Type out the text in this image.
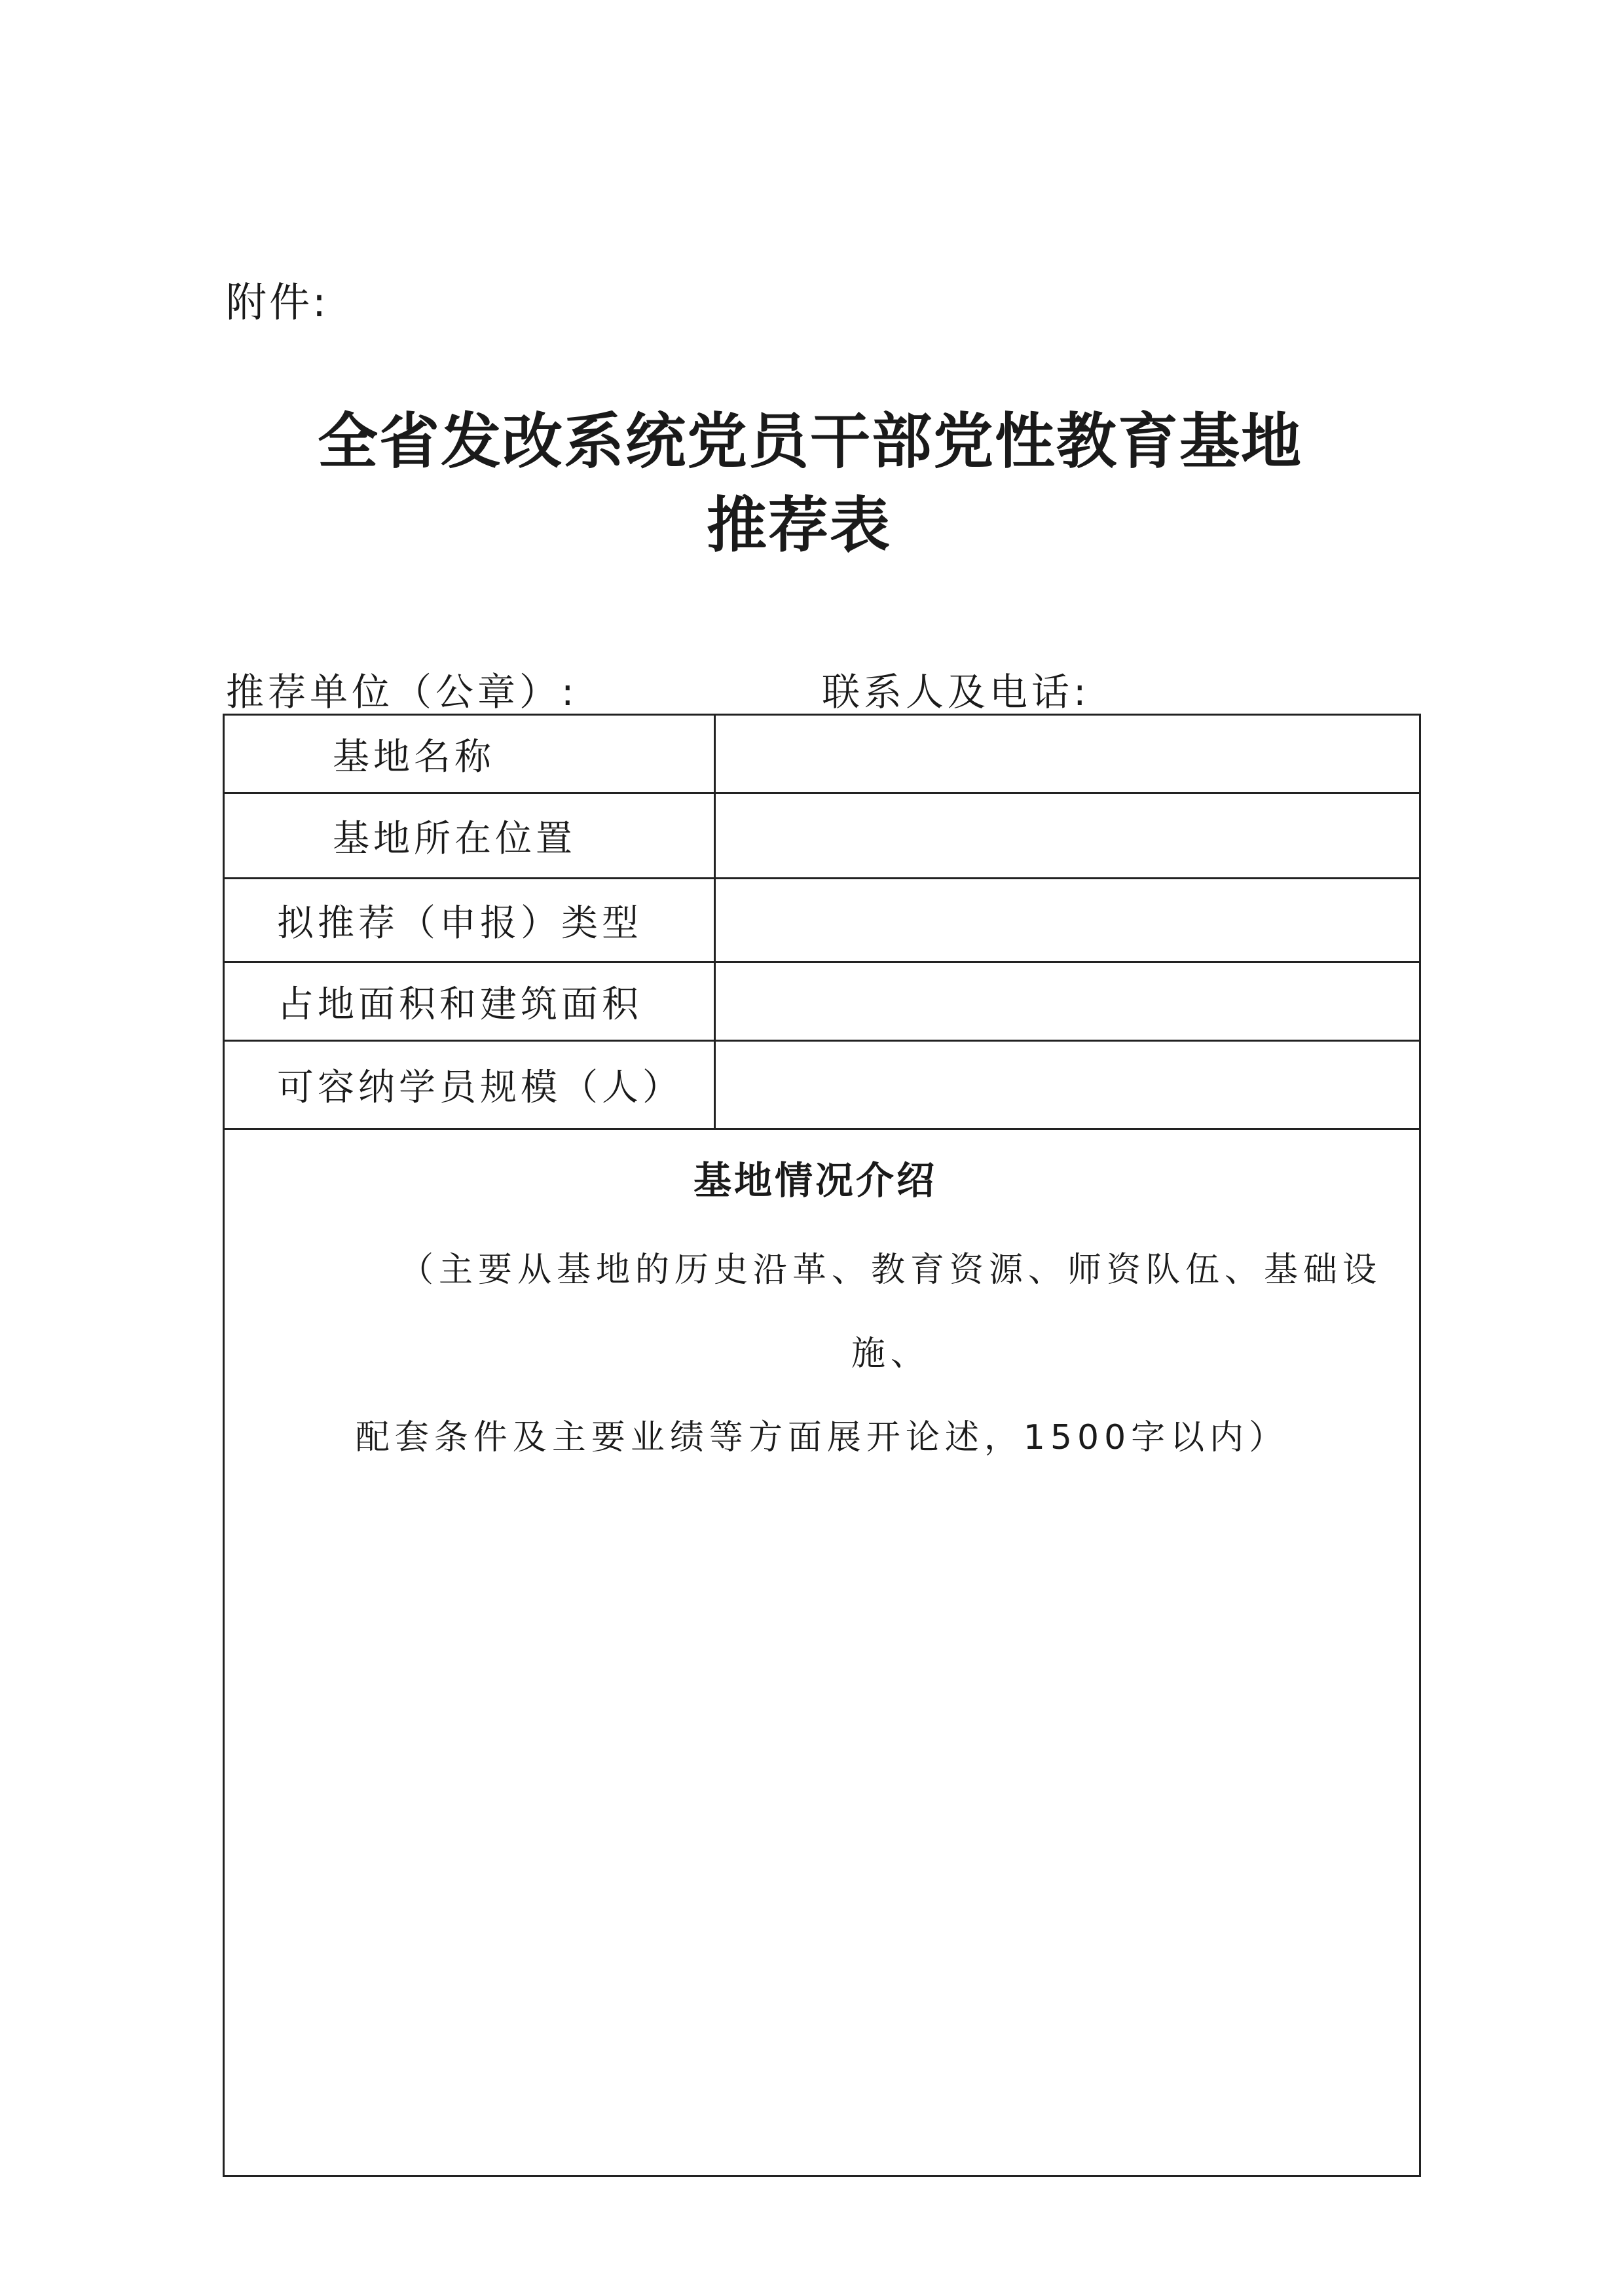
附件:
全省发改系统党员干部党性教育基地
推荐表
推荐单位（公章）:	联系人及电话:
基地名称
基地所在位置
拟推荐（申报）类型
占地面积和建筑面积
可容纳学员规模（人）
基地情况介绍
（主要从基地的历史沿革、教育资源、师资队伍、基础设施、
配套条件及主要业绩等方面展开论述，1500字以内）
